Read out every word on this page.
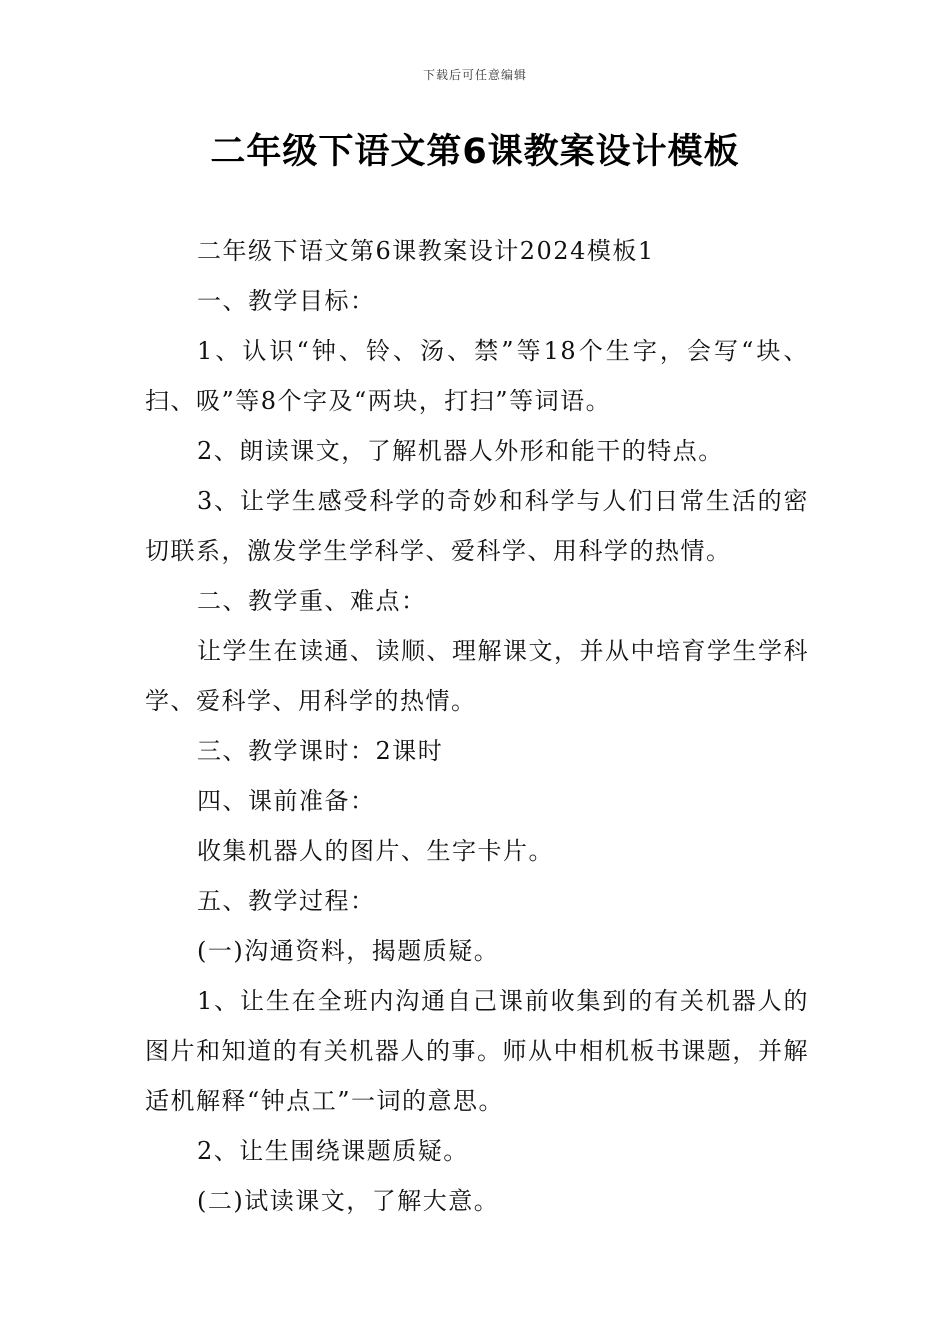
下载后可任意编辑
二年级下语文第6课教案设计模板

二年级下语文第6课教案设计2024模板1

一、教学目标：

1、认识“钟、铃、汤、禁”等18个生字，会写“块、扫、吸”等8个字及“两块，打扫”等词语。

2、朗读课文，了解机器人外形和能干的特点。

3、让学生感受科学的奇妙和科学与人们日常生活的密切联系，激发学生学科学、爱科学、用科学的热情。

二、教学重、难点：

让学生在读通、读顺、理解课文，并从中培育学生学科学、爱科学、用科学的热情。

三、教学课时：2课时

四、课前准备：

收集机器人的图片、生字卡片。

五、教学过程：

(一)沟通资料，揭题质疑。

1、让生在全班内沟通自己课前收集到的有关机器人的图片和知道的有关机器人的事。师从中相机板书课题，并解适机解释“钟点工”一词的意思。

2、让生围绕课题质疑。

(二)试读课文，了解大意。
